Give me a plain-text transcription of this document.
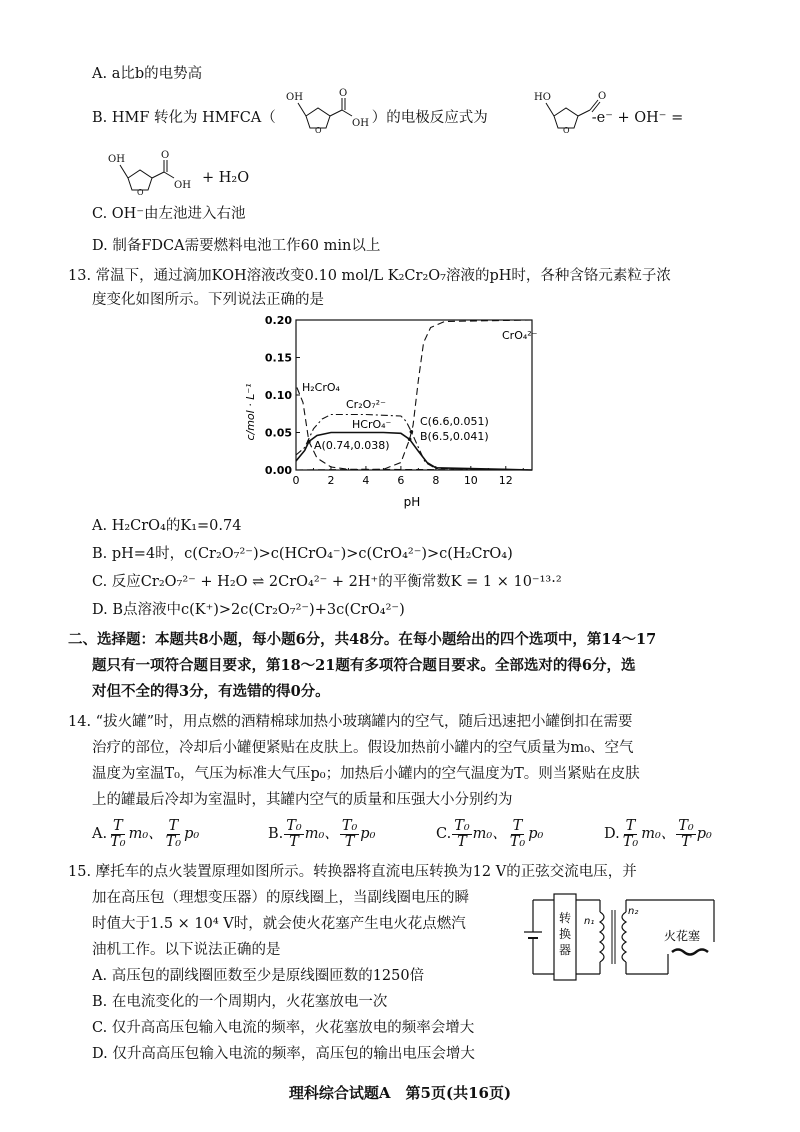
A. a比b的电势高
B. HMF 转化为 HMFCA（	）的电极反应式为	-e⁻ + OH⁻ =
OH
O
O
OH
HO
O
O
OH
O
O
OH + H₂O
C. OH⁻由左池进入右池
D. 制备FDCA需要燃料电池工作60 min以上
13. 常温下，通过滴加KOH溶液改变0.10 mol/L K₂Cr₂O₇溶液的pH时，各种含铬元素粒子浓
度变化如图所示。下列说法正确的是
0	2	4	6	8 10 12
0.00
0.05
0.10
0.15
0.20
pH
c/mol · L⁻¹
CrO₄²⁻
H₂CrO₄
Cr₂O₇²⁻
HCrO₄⁻
A(0.74,0.038)
C(6.6,0.051)
B(6.5,0.041)
A. H₂CrO₄的K₁=0.74
B. pH=4时，c(Cr₂O₇²⁻)>c(HCrO₄⁻)>c(CrO₄²⁻)>c(H₂CrO₄)
C. 反应Cr₂O₇²⁻ + H₂O ⇌ 2CrO₄²⁻ + 2H⁺的平衡常数K = 1 × 10⁻¹³·²
D. B点溶液中c(K⁺)>2c(Cr₂O₇²⁻)+3c(CrO₄²⁻)
二、选择题：本题共8小题，每小题6分，共48分。在每小题给出的四个选项中，第14～17
题只有一项符合题目要求，第18～21题有多项符合题目要求。全部选对的得6分，选
对但不全的得3分，有选错的得0分。
14. “拔火罐”时，用点燃的酒精棉球加热小玻璃罐内的空气，随后迅速把小罐倒扣在需要
治疗的部位，冷却后小罐便紧贴在皮肤上。假设加热前小罐内的空气质量为m₀、空气
温度为室温T₀，气压为标准大气压p₀；加热后小罐内的空气温度为T。则当紧贴在皮肤
上的罐最后冷却为室温时，其罐内空气的质量和压强大小分别约为
A. $\frac{T}{\text{T₀}} m_0$、 $\frac{T}{\text{T₀}} p_0$	B. $\frac{\text{T₀}}{T} m_0$、 $\frac{\text{T₀}}{T} p_0$	C. $\frac{\text{T₀}}{T} m_0$、 $\frac{T}{\text{T₀}} p_0$	D. $\frac{T}{\text{T₀}} m_0$、 $\frac{\text{T₀}}{T} p_0$
15. 摩托车的点火装置原理如图所示。转换器将直流电压转换为12 V的正弦交流电压，并
加在高压包（理想变压器）的原线圈上，当副线圈电压的瞬
时值大于1.5 × 10⁴ V时，就会使火花塞产生电火花点燃汽
油机工作。以下说法正确的是
A. 高压包的副线圈匝数至少是原线圈匝数的1250倍
B. 在电流变化的一个周期内，火花塞放电一次
C. 仅升高高压包输入电流的频率，火花塞放电的频率会增大
D. 仅升高高压包输入电流的频率，高压包的输出电压会增大
转换器
n₁
n₂
火花塞
理科综合试题A　第5页(共16页)
